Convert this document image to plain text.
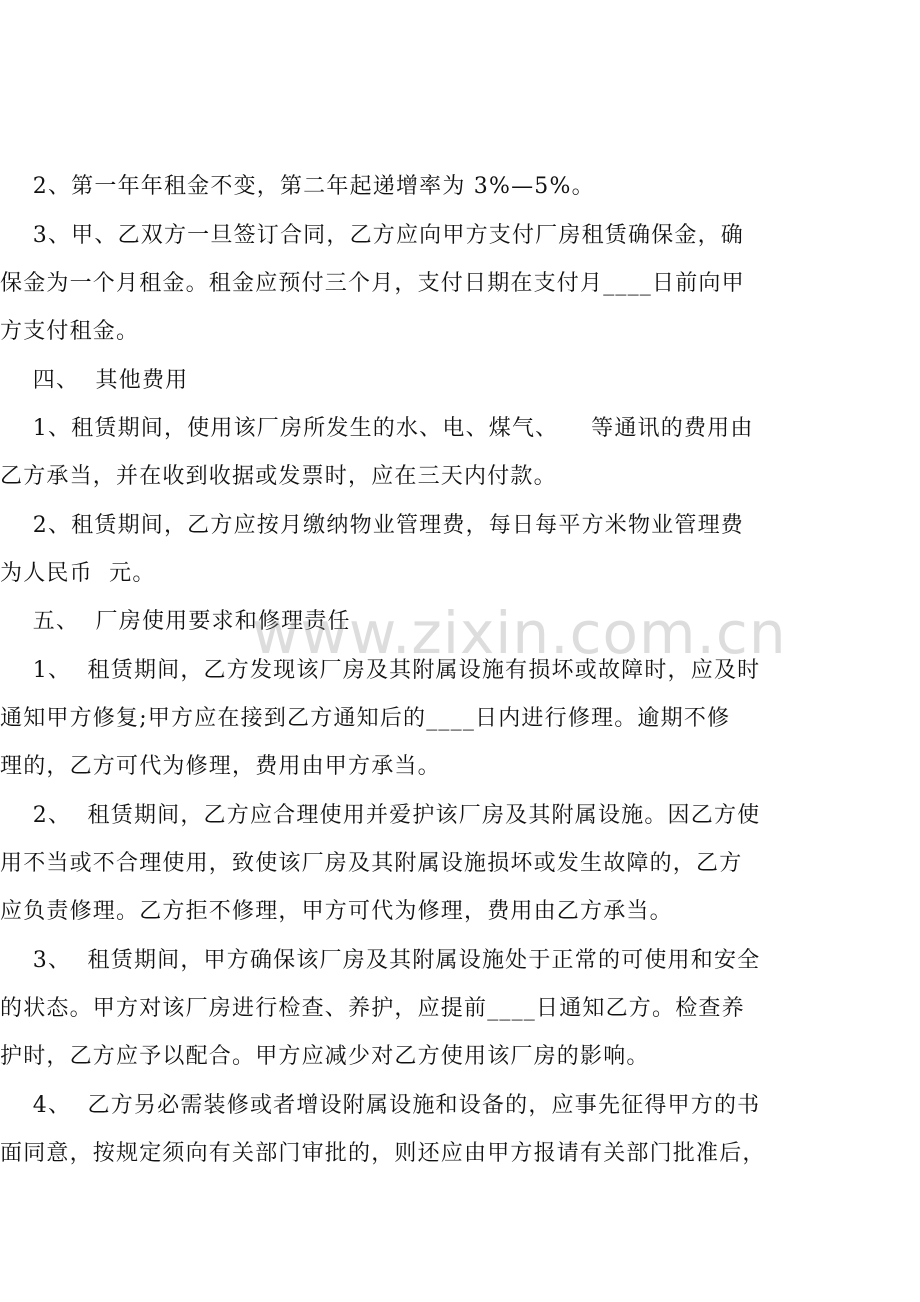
2、第一年年租金不变，第二年起递增率为 3%—5%。
3、甲、乙双方一旦签订合同，乙方应向甲方支付厂房租赁确保金，确
保金为一个月租金。租金应预付三个月，支付日期在支付月____日前向甲
方支付租金。
四、  其他费用
1、租赁期间，使用该厂房所发生的水、电、煤气、    等通讯的费用由
乙方承当，并在收到收据或发票时，应在三天内付款。
2、租赁期间，乙方应按月缴纳物业管理费，每日每平方米物业管理费
为人民币  元。
五、  厂房使用要求和修理责任
1、  租赁期间，乙方发现该厂房及其附属设施有损坏或故障时，应及时
通知甲方修复;甲方应在接到乙方通知后的____日内进行修理。逾期不修
理的，乙方可代为修理，费用由甲方承当。
2、  租赁期间，乙方应合理使用并爱护该厂房及其附属设施。因乙方使
用不当或不合理使用，致使该厂房及其附属设施损坏或发生故障的，乙方
应负责修理。乙方拒不修理，甲方可代为修理，费用由乙方承当。
3、  租赁期间，甲方确保该厂房及其附属设施处于正常的可使用和安全
的状态。甲方对该厂房进行检查、养护，应提前____日通知乙方。检查养
护时，乙方应予以配合。甲方应减少对乙方使用该厂房的影响。
4、  乙方另必需装修或者增设附属设施和设备的，应事先征得甲方的书
面同意，按规定须向有关部门审批的，则还应由甲方报请有关部门批准后，
www.zixin.com.cn
